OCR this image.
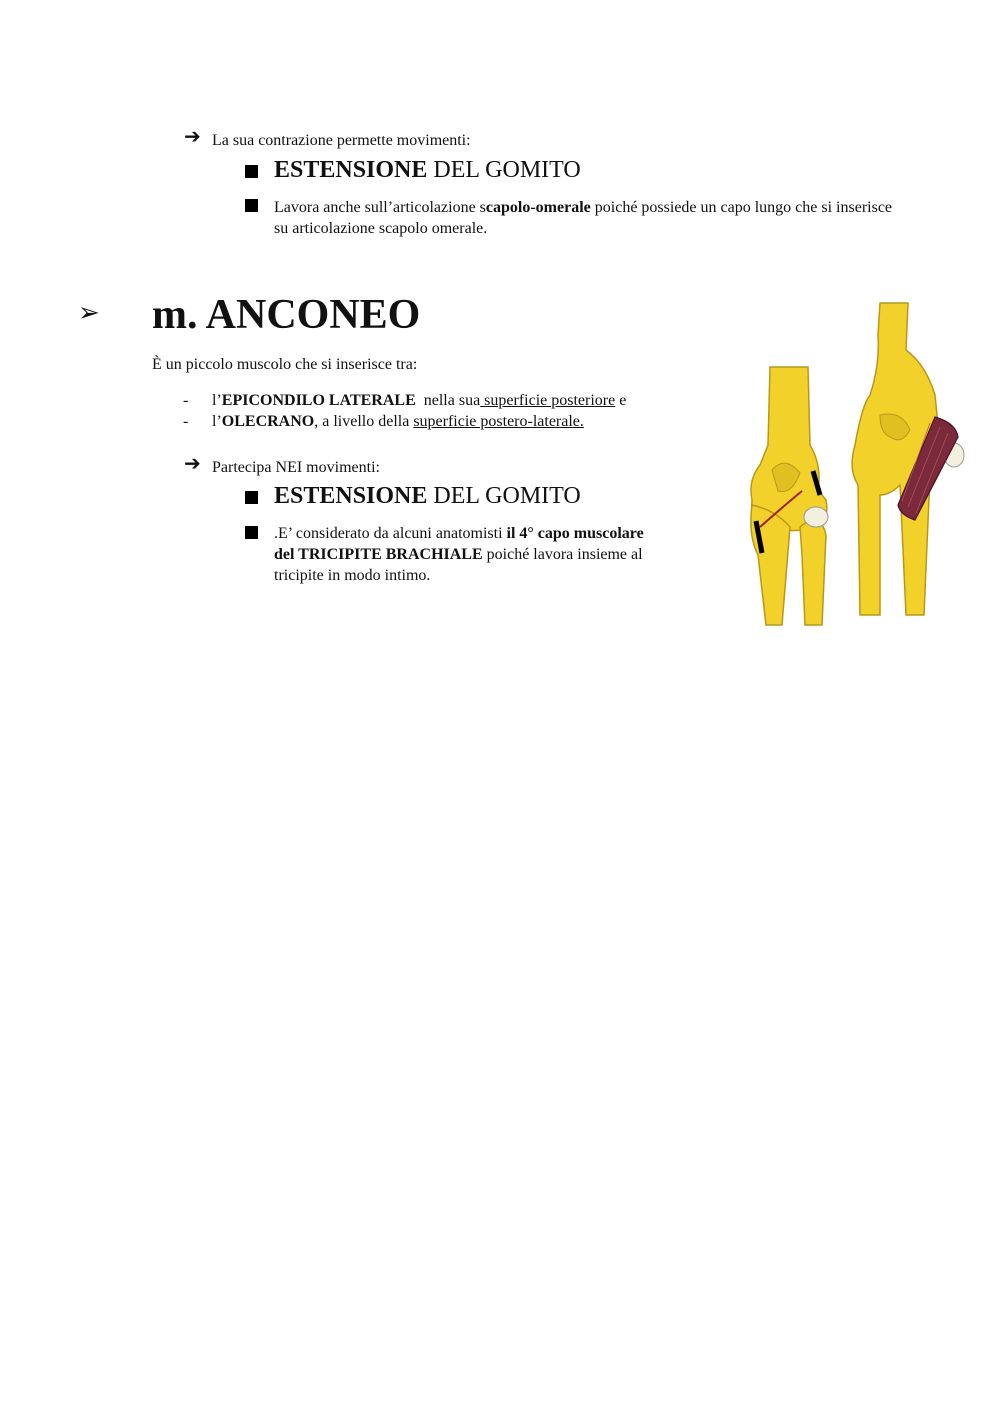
➔ La sua contrazione permette movimenti:
ESTENSIONE DEL GOMITO
Lavora anche sull’articolazione scapolo-omerale poiché possiede un capo lungo che si inserisce
su articolazione scapolo omerale.
➢ m. ANCONEO
È un piccolo muscolo che si inserisce tra:
- l’EPICONDILO LATERALE  nella sua superficie posteriore e
- l’OLECRANO, a livello della superficie postero-laterale.
➔ Partecipa NEI movimenti:
ESTENSIONE DEL GOMITO
.E’ considerato da alcuni anatomisti il 4° capo muscolare
del TRICIPITE BRACHIALE poiché lavora insieme al
tricipite in modo intimo.
